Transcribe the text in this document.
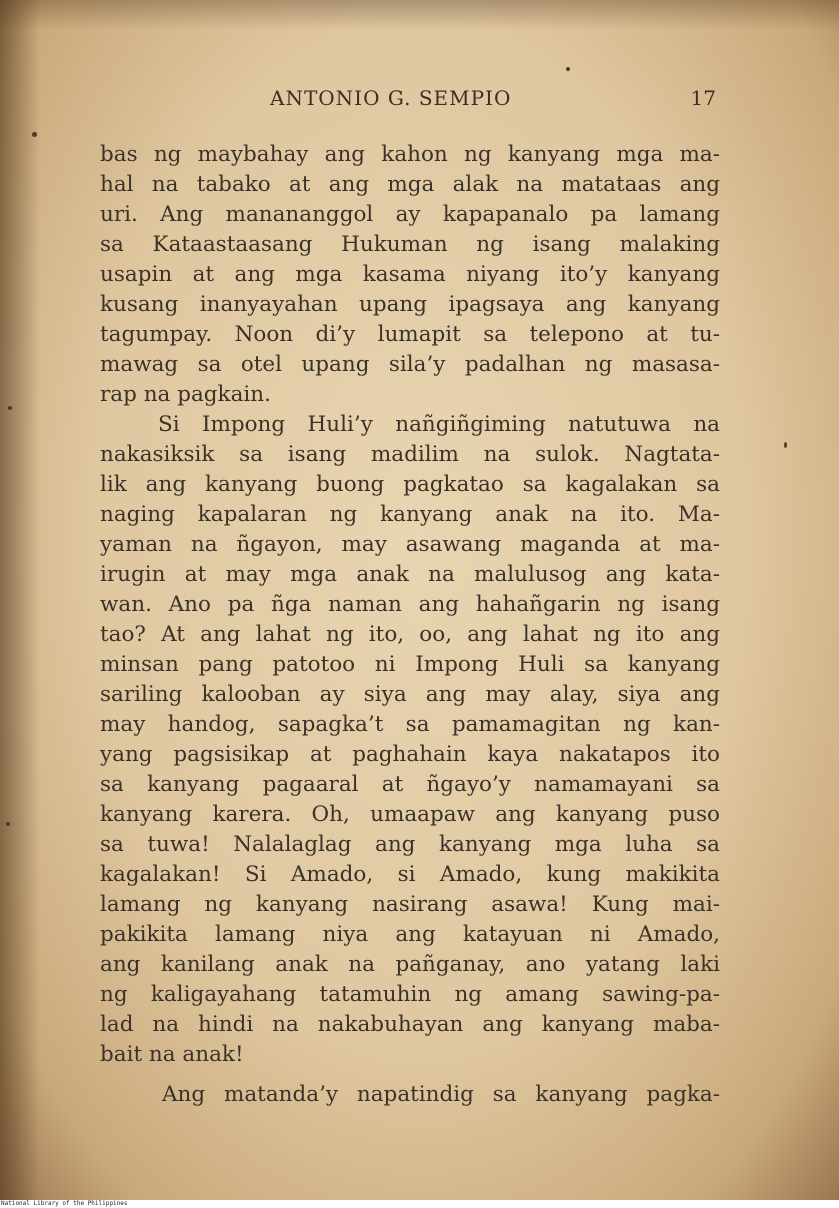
ANTONIO G. SEMPIO	17
bas ng maybahay ang kahon ng kanyang mga ma-
hal na tabako at ang mga alak na matataas ang
uri. Ang manananggol ay kapapanalo pa lamang
sa Kataastaasang Hukuman ng isang malaking
usapin at ang mga kasama niyang ito’y kanyang
kusang inanyayahan upang ipagsaya ang kanyang
tagumpay. Noon di’y lumapit sa telepono at tu-
mawag sa otel upang sila’y padalhan ng masasa-
rap na pagkain.
Si Impong Huli’y nañgiñgiming natutuwa na
nakasiksik sa isang madilim na sulok. Nagtata-
lik ang kanyang buong pagkatao sa kagalakan sa
naging kapalaran ng kanyang anak na ito. Ma-
yaman na ñgayon, may asawang maganda at ma-
irugin at may mga anak na malulusog ang kata-
wan. Ano pa ñga naman ang hahañgarin ng isang
tao? At ang lahat ng ito, oo, ang lahat ng ito ang
minsan pang patotoo ni Impong Huli sa kanyang
sariling kalooban ay siya ang may alay, siya ang
may handog, sapagka’t sa pamamagitan ng kan-
yang pagsisikap at paghahain kaya nakatapos ito
sa kanyang pagaaral at ñgayo’y namamayani sa
kanyang karera. Oh, umaapaw ang kanyang puso
sa tuwa! Nalalaglag ang kanyang mga luha sa
kagalakan! Si Amado, si Amado, kung makikita
lamang ng kanyang nasirang asawa! Kung mai-
pakikita lamang niya ang katayuan ni Amado,
ang kanilang anak na pañganay, ano yatang laki
ng kaligayahang tatamuhin ng amang sawing-pa-
lad na hindi na nakabuhayan ang kanyang maba-
bait na anak!
Ang matanda’y napatindig sa kanyang pagka-
National Library of the Philippines
